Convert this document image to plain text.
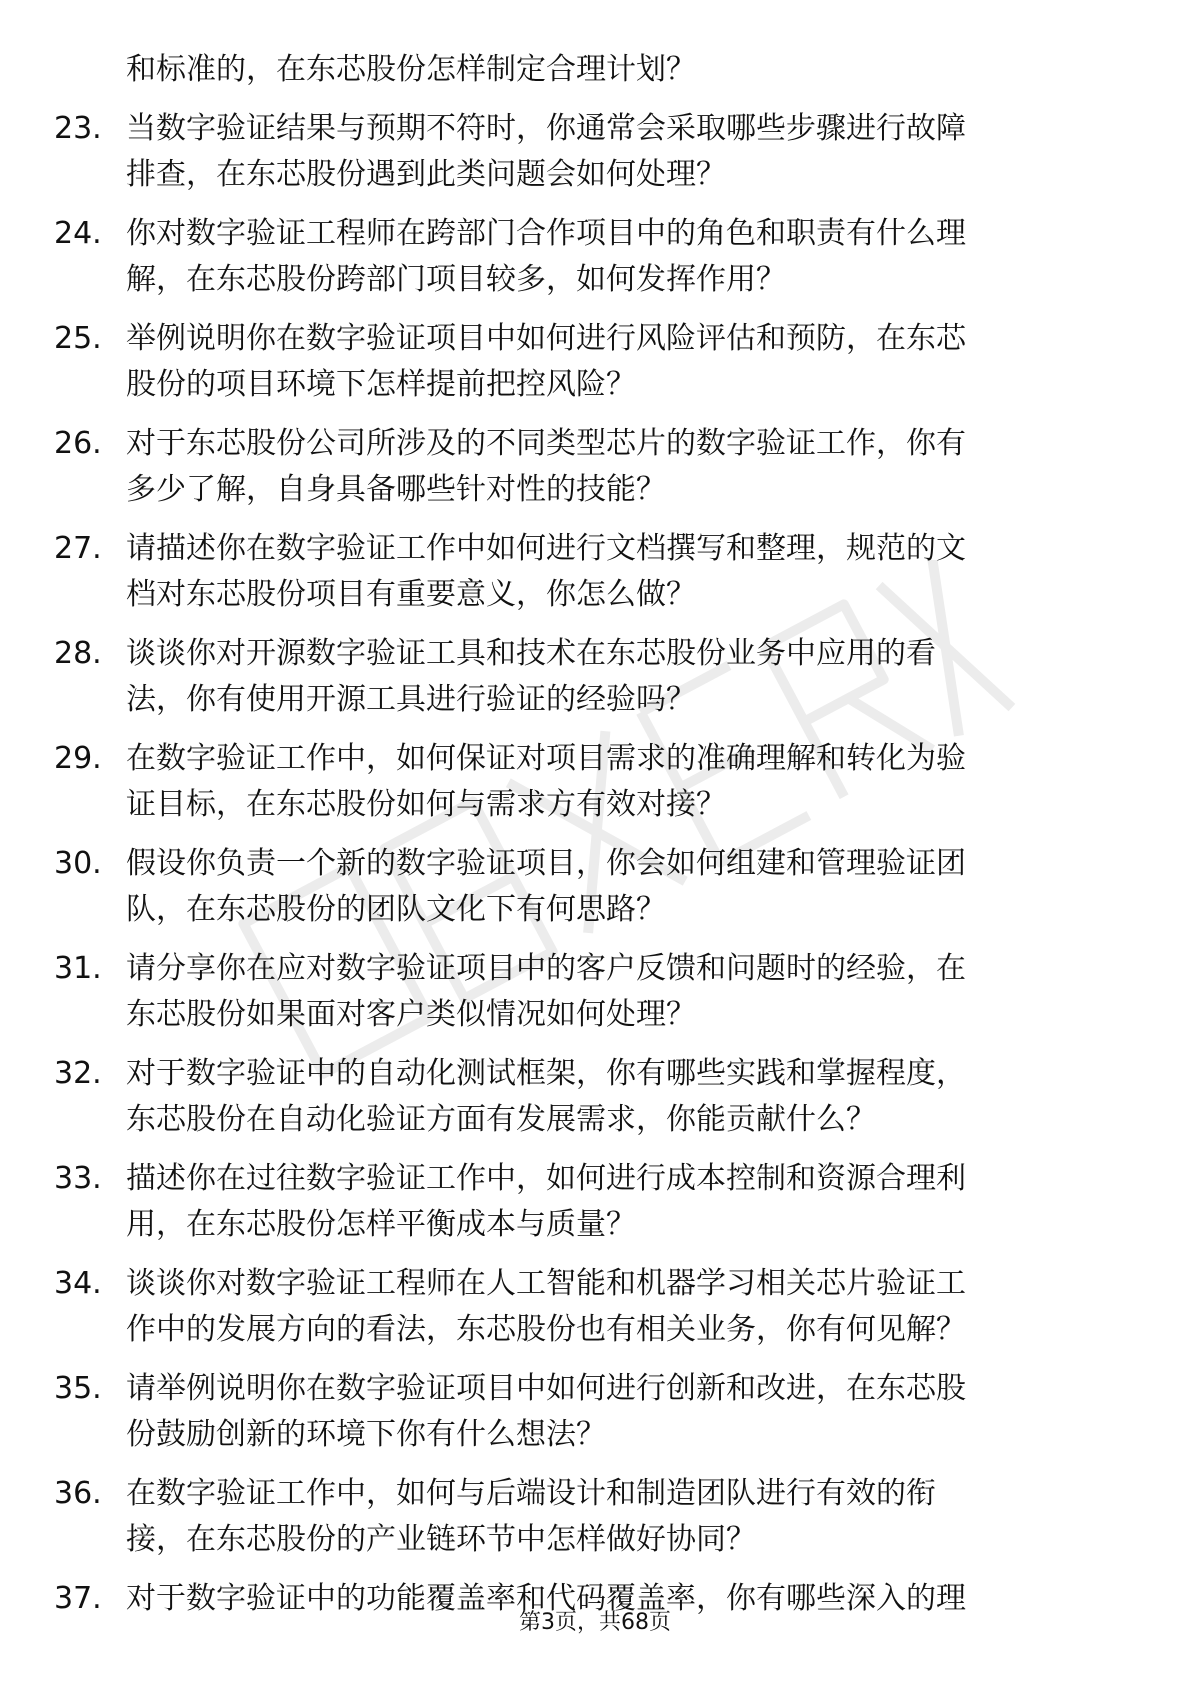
和标准的，在东芯股份怎样制定合理计划？
23. 当数字验证结果与预期不符时，你通常会采取哪些步骤进行故障
排查，在东芯股份遇到此类问题会如何处理？
24. 你对数字验证工程师在跨部门合作项目中的角色和职责有什么理
解，在东芯股份跨部门项目较多，如何发挥作用？
25. 举例说明你在数字验证项目中如何进行风险评估和预防，在东芯
股份的项目环境下怎样提前把控风险？
26. 对于东芯股份公司所涉及的不同类型芯片的数字验证工作，你有
多少了解，自身具备哪些针对性的技能？
27. 请描述你在数字验证工作中如何进行文档撰写和整理，规范的文
档对东芯股份项目有重要意义，你怎么做？
28. 谈谈你对开源数字验证工具和技术在东芯股份业务中应用的看
法，你有使用开源工具进行验证的经验吗？
29. 在数字验证工作中，如何保证对项目需求的准确理解和转化为验
证目标，在东芯股份如何与需求方有效对接？
30. 假设你负责一个新的数字验证项目，你会如何组建和管理验证团
队，在东芯股份的团队文化下有何思路？
31. 请分享你在应对数字验证项目中的客户反馈和问题时的经验，在
东芯股份如果面对客户类似情况如何处理？
32. 对于数字验证中的自动化测试框架，你有哪些实践和掌握程度，
东芯股份在自动化验证方面有发展需求，你能贡献什么？
33. 描述你在过往数字验证工作中，如何进行成本控制和资源合理利
用，在东芯股份怎样平衡成本与质量？
34. 谈谈你对数字验证工程师在人工智能和机器学习相关芯片验证工
作中的发展方向的看法，东芯股份也有相关业务，你有何见解？
35. 请举例说明你在数字验证项目中如何进行创新和改进，在东芯股
份鼓励创新的环境下你有什么想法？
36. 在数字验证工作中，如何与后端设计和制造团队进行有效的衔
接，在东芯股份的产业链环节中怎样做好协同？
37. 对于数字验证中的功能覆盖率和代码覆盖率，你有哪些深入的理
第3页，共68页
